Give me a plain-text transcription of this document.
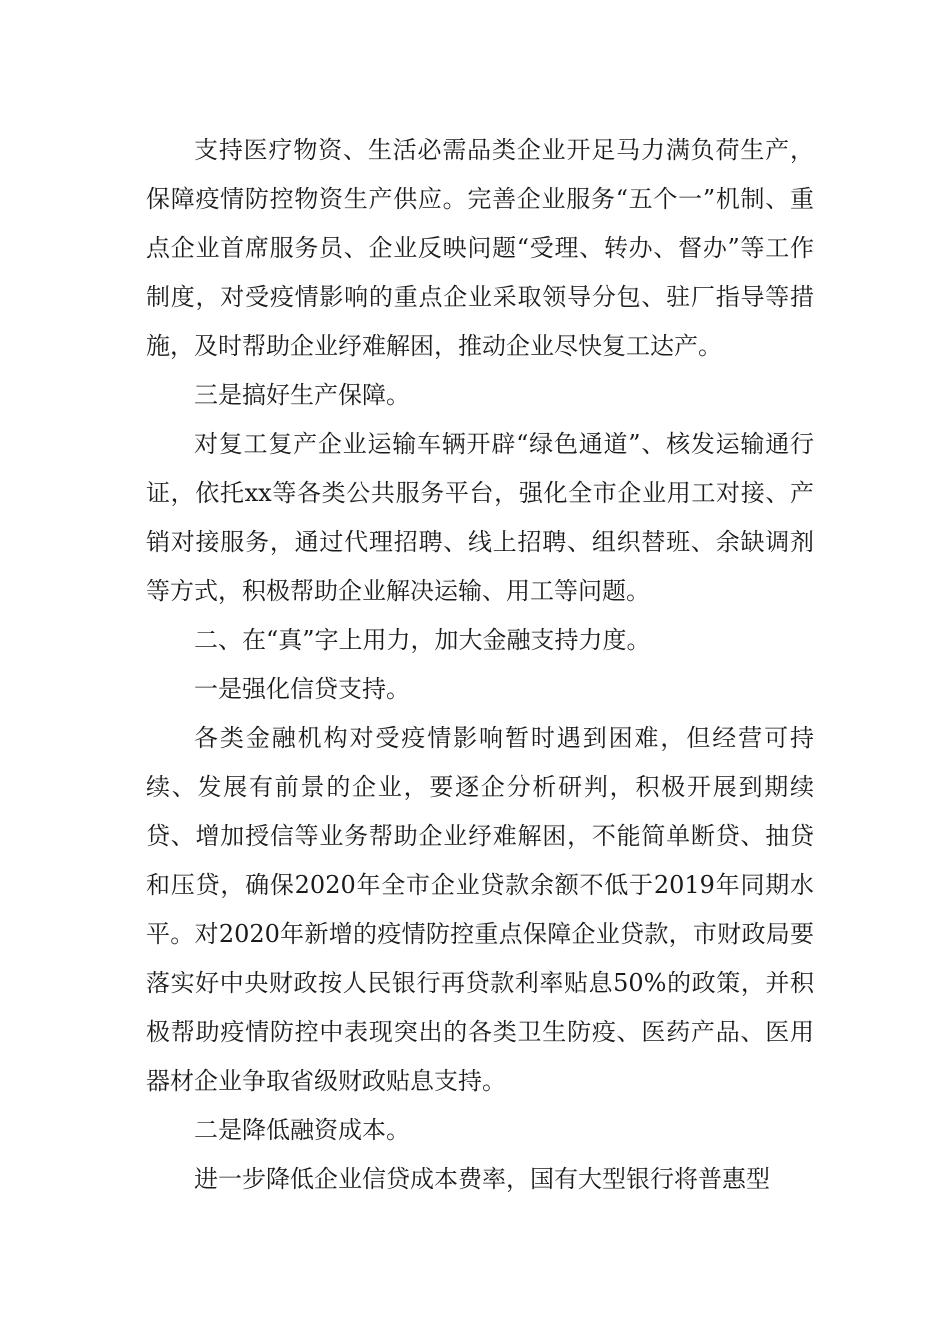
支持医疗物资、生活必需品类企业开足马力满负荷生产，保障疫情防控物资生产供应。完善企业服务“五个一”机制、重点企业首席服务员、企业反映问题“受理、转办、督办”等工作制度，对受疫情影响的重点企业采取领导分包、驻厂指导等措施，及时帮助企业纾难解困，推动企业尽快复工达产。

三是搞好生产保障。

对复工复产企业运输车辆开辟“绿色通道”、核发运输通行证，依托xx等各类公共服务平台，强化全市企业用工对接、产销对接服务，通过代理招聘、线上招聘、组织替班、余缺调剂等方式，积极帮助企业解决运输、用工等问题。

二、在“真”字上用力，加大金融支持力度。

一是强化信贷支持。

各类金融机构对受疫情影响暂时遇到困难，但经营可持续、发展有前景的企业，要逐企分析研判，积极开展到期续贷、增加授信等业务帮助企业纾难解困，不能简单断贷、抽贷和压贷，确保2020年全市企业贷款余额不低于2019年同期水平。对2020年新增的疫情防控重点保障企业贷款，市财政局要落实好中央财政按人民银行再贷款利率贴息50%的政策，并积极帮助疫情防控中表现突出的各类卫生防疫、医药产品、医用器材企业争取省级财政贴息支持。

二是降低融资成本。

进一步降低企业信贷成本费率，国有大型银行将普惠型
